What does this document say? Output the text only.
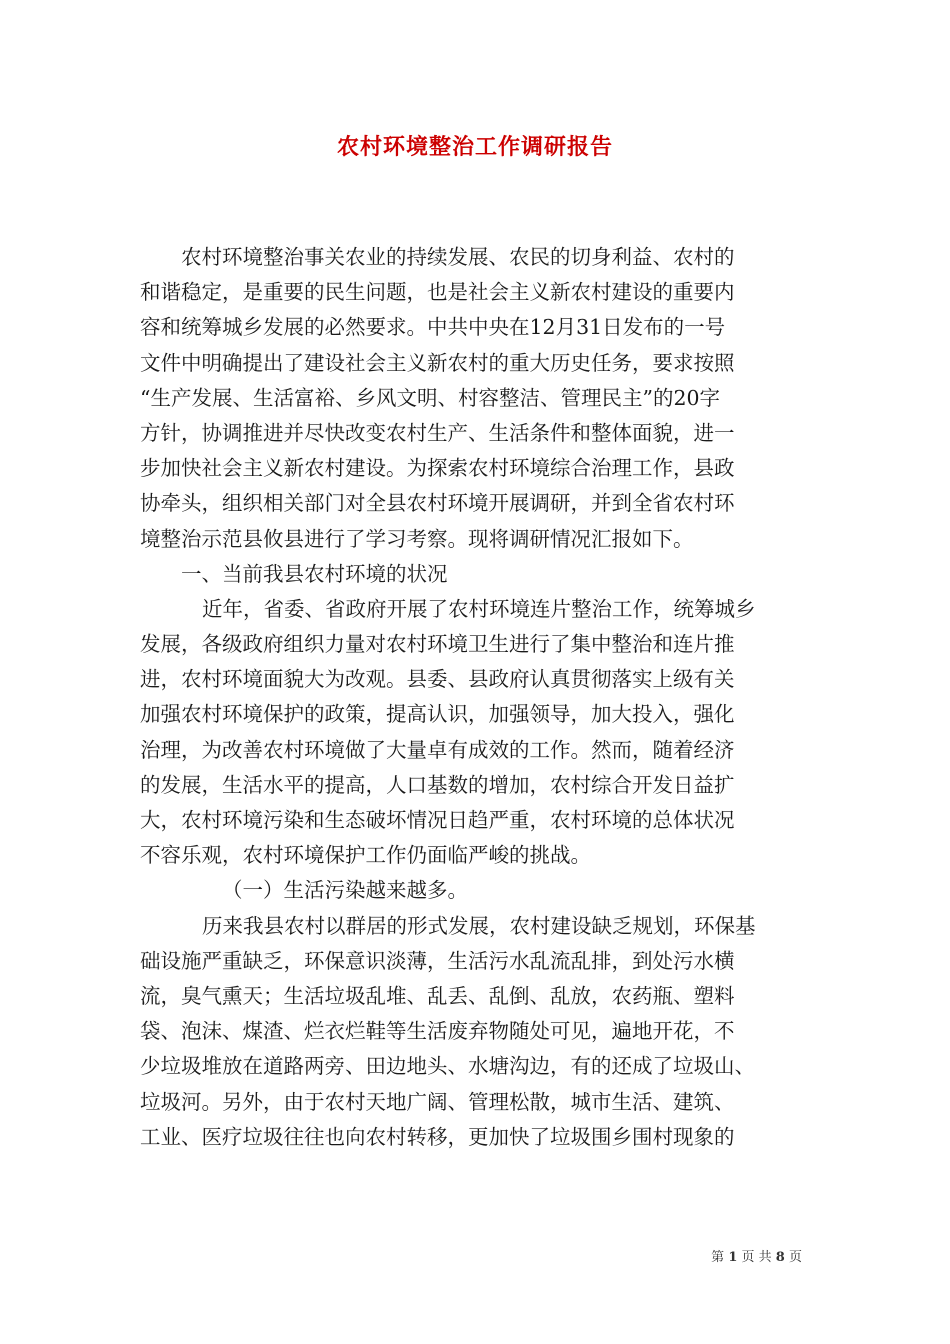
农村环境整治工作调研报告
农村环境整治事关农业的持续发展、农民的切身利益、农村的
和谐稳定，是重要的民生问题，也是社会主义新农村建设的重要内
容和统筹城乡发展的必然要求。中共中央在12月31日发布的一号
文件中明确提出了建设社会主义新农村的重大历史任务，要求按照
“生产发展、生活富裕、乡风文明、村容整洁、管理民主”的20字
方针，协调推进并尽快改变农村生产、生活条件和整体面貌，进一
步加快社会主义新农村建设。为探索农村环境综合治理工作，县政
协牵头，组织相关部门对全县农村环境开展调研，并到全省农村环
境整治示范县攸县进行了学习考察。现将调研情况汇报如下。
一、当前我县农村环境的状况
近年，省委、省政府开展了农村环境连片整治工作，统筹城乡
发展，各级政府组织力量对农村环境卫生进行了集中整治和连片推
进，农村环境面貌大为改观。县委、县政府认真贯彻落实上级有关
加强农村环境保护的政策，提高认识，加强领导，加大投入，强化
治理，为改善农村环境做了大量卓有成效的工作。然而，随着经济
的发展，生活水平的提高，人口基数的增加，农村综合开发日益扩
大，农村环境污染和生态破坏情况日趋严重，农村环境的总体状况
不容乐观，农村环境保护工作仍面临严峻的挑战。
（一）生活污染越来越多。
历来我县农村以群居的形式发展，农村建设缺乏规划，环保基
础设施严重缺乏，环保意识淡薄，生活污水乱流乱排，到处污水横
流，臭气熏天；生活垃圾乱堆、乱丢、乱倒、乱放，农药瓶、塑料
袋、泡沫、煤渣、烂衣烂鞋等生活废弃物随处可见，遍地开花，不
少垃圾堆放在道路两旁、田边地头、水塘沟边，有的还成了垃圾山、
垃圾河。另外，由于农村天地广阔、管理松散，城市生活、建筑、
工业、医疗垃圾往往也向农村转移，更加快了垃圾围乡围村现象的
第 1 页 共 8 页
